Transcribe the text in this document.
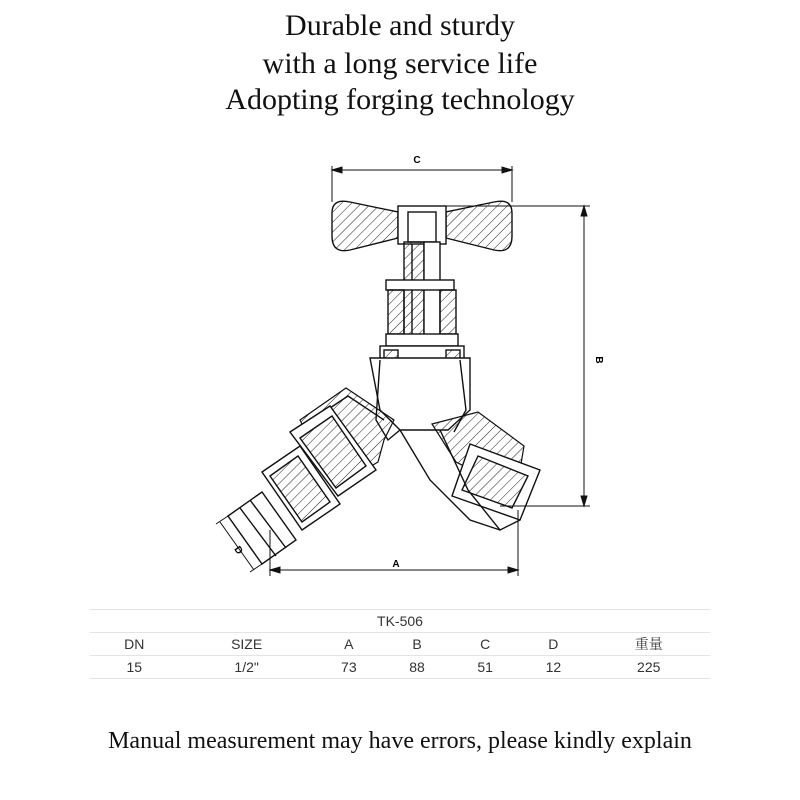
Durable and sturdy
with a long service life
Adopting forging technology
C
B
A
D
TK-506						
DN	SIZE	A	B	C	D	重量
15	1/2"	73	88	51	12	225
Manual measurement may have errors, please kindly explain
